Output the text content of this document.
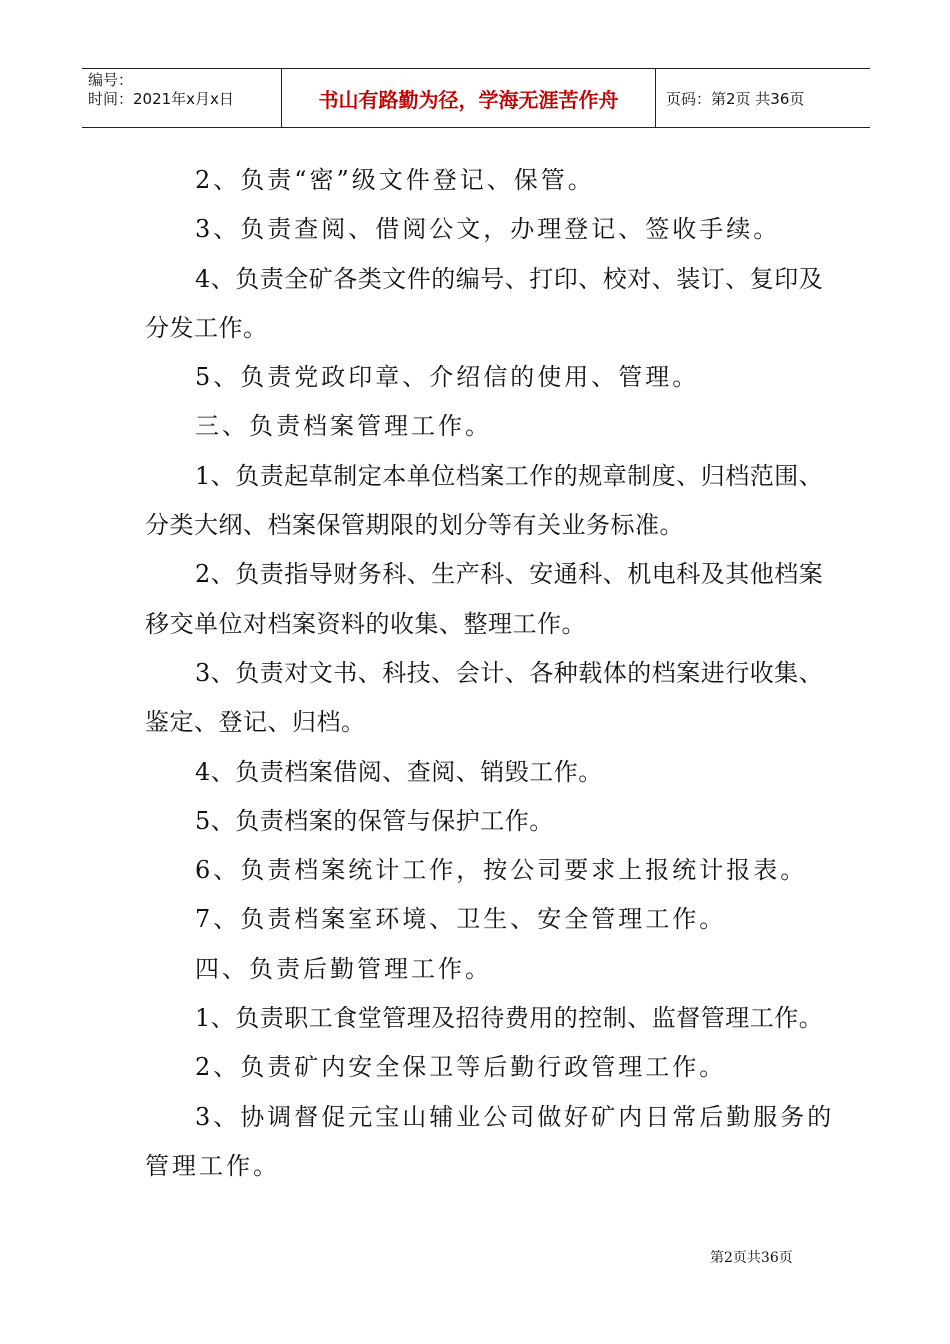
编号：
时间：2021年x月x日	书山有路勤为径，学海无涯苦作舟	页码：第2页 共36页

2、负责“密”级文件登记、保管。

3、负责查阅、借阅公文，办理登记、签收手续。

4、负责全矿各类文件的编号、打印、校对、装订、复印及
分发工作。

5、负责党政印章、介绍信的使用、管理。

三、负责档案管理工作。

1、负责起草制定本单位档案工作的规章制度、归档范围、
分类大纲、档案保管期限的划分等有关业务标准。

2、负责指导财务科、生产科、安通科、机电科及其他档案
移交单位对档案资料的收集、整理工作。

3、负责对文书、科技、会计、各种载体的档案进行收集、
鉴定、登记、归档。

4、负责档案借阅、查阅、销毁工作。

5、负责档案的保管与保护工作。

6、负责档案统计工作，按公司要求上报统计报表。

7、负责档案室环境、卫生、安全管理工作。

四、负责后勤管理工作。

1、负责职工食堂管理及招待费用的控制、监督管理工作。

2、负责矿内安全保卫等后勤行政管理工作。

3、协调督促元宝山辅业公司做好矿内日常后勤服务的
管理工作。

第2页共36页
